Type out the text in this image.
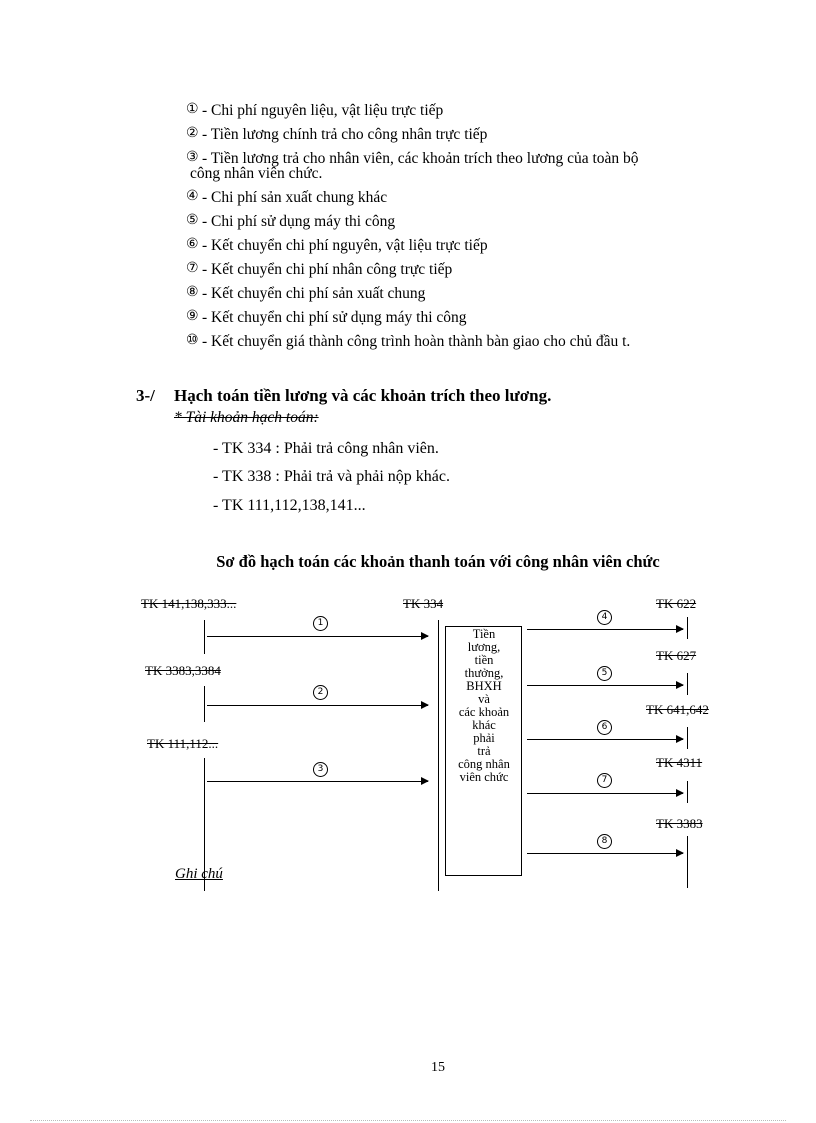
① - Chi phí nguyên liệu, vật liệu trực tiếp
② - Tiền lương chính trả cho công nhân trực tiếp
③ - Tiền lương trả cho nhân viên, các khoản trích theo lương của toàn bộ
công nhân viên chức.
④ - Chi phí sản xuất chung khác
⑤ - Chi phí sử dụng máy thi công
⑥ - Kết chuyển chi phí nguyên, vật liệu trực tiếp
⑦ - Kết chuyển chi phí nhân công trực tiếp
⑧ - Kết chuyển chi phí sản xuất chung
⑨ - Kết chuyển chi phí sử dụng máy thi công
⑩ - Kết chuyển giá thành công trình hoàn thành bàn giao cho chủ đầu t.
3-/ Hạch toán tiền lương và các khoản trích theo lương.
* Tài khoản hạch toán:
- TK 334 : Phải trả công nhân viên.
- TK 338 : Phải trả và phải nộp khác.
- TK 111,112,138,141...
Sơ đồ hạch toán các khoản thanh toán với công nhân viên chức
TK 141,138,333...
TK 3383,3384
TK 111,112...
TK 334
1
2
3
Tiền
lương,
tiền
thưởng,
BHXH
và
các khoản
khác
phải
trả
công nhân
viên chức
TK 622
TK 627
TK 641,642
TK 4311
TK 3383
4
5
6
7
8
Ghi chú
15
